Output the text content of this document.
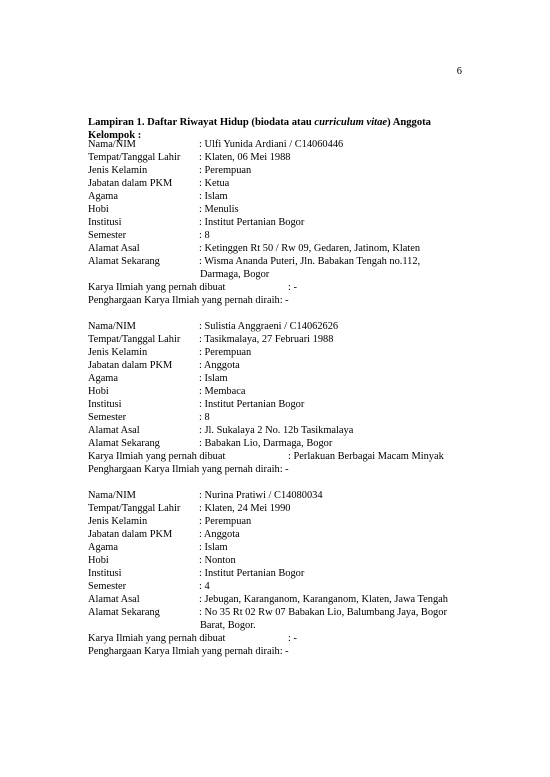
6
Lampiran 1. Daftar Riwayat Hidup (biodata atau curriculum vitae) Anggota Kelompok :
Nama/NIM	: Ulfi Yunida Ardiani / C14060446
Tempat/Tanggal Lahir : Klaten, 06 Mei 1988
Jenis Kelamin	: Perempuan
Jabatan dalam PKM	: Ketua
Agama	: Islam
Hobi	: Menulis
Institusi	: Institut Pertanian Bogor
Semester	: 8
Alamat Asal	: Ketinggen Rt 50 / Rw 09, Gedaren, Jatinom, Klaten
Alamat Sekarang	: Wisma Ananda Puteri, Jln. Babakan Tengah no.112,
Darmaga, Bogor
Karya Ilmiah yang pernah dibuat	: -
Penghargaan Karya Ilmiah yang pernah diraih: -
Nama/NIM	: Sulistia Anggraeni / C14062626
Tempat/Tanggal Lahir : Tasikmalaya, 27 Februari 1988
Jenis Kelamin	: Perempuan
Jabatan dalam PKM	: Anggota
Agama	: Islam
Hobi	: Membaca
Institusi	: Institut Pertanian Bogor
Semester	: 8
Alamat Asal	: Jl. Sukalaya 2 No. 12b Tasikmalaya
Alamat Sekarang	: Babakan Lio, Darmaga, Bogor
Karya Ilmiah yang pernah dibuat	: Perlakuan Berbagai Macam Minyak
Penghargaan Karya Ilmiah yang pernah diraih: -
Nama/NIM	: Nurina Pratiwi / C14080034
Tempat/Tanggal Lahir : Klaten, 24 Mei 1990
Jenis Kelamin	: Perempuan
Jabatan dalam PKM	: Anggota
Agama	: Islam
Hobi	: Nonton
Institusi	: Institut Pertanian Bogor
Semester	: 4
Alamat Asal	: Jebugan, Karanganom, Karanganom, Klaten, Jawa Tengah
Alamat Sekarang	: No 35 Rt 02 Rw 07 Babakan Lio, Balumbang Jaya, Bogor
Barat, Bogor.
Karya Ilmiah yang pernah dibuat	: -
Penghargaan Karya Ilmiah yang pernah diraih: -
